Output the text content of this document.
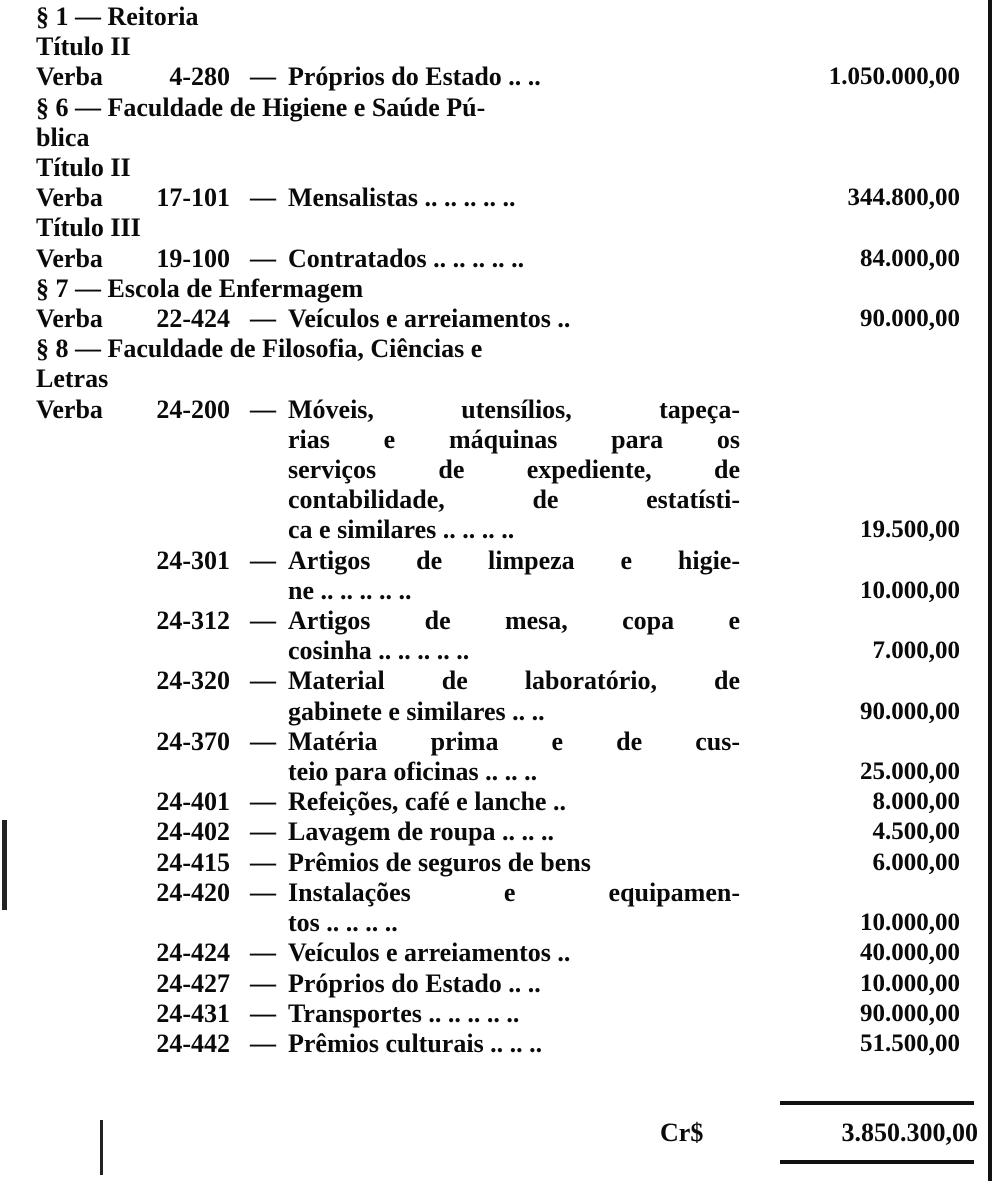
§ 1 — Reitoria
Título II
Verba	4-280 — Próprios do Estado .. ..	1.050.000,00
§ 6 — Faculdade de Higiene e Saúde Pú-
blica
Título II
Verba	17-101 — Mensalistas .. .. .. .. ..	344.800,00
Título III
Verba	19-100 — Contratados .. .. .. .. ..	84.000,00
§ 7 — Escola de Enfermagem
Verba	22-424 — Veículos e arreiamentos ..	90.000,00
§ 8 — Faculdade de Filosofia, Ciências e
Letras
Verba	24-200 — Móveis, utensílios, tapeça-
rias e máquinas para os
serviços de expediente, de
contabilidade, de estatísti-
ca e similares .. .. .. ..	19.500,00
24-301 — Artigos de limpeza e higie-
ne .. .. .. .. ..	10.000,00
24-312 — Artigos de mesa, copa e
cosinha .. .. .. .. ..	7.000,00
24-320 — Material de laboratório, de
gabinete e similares .. ..	90.000,00
24-370 — Matéria prima e de cus-
teio para oficinas .. .. ..	25.000,00
24-401 — Refeições, café e lanche ..	8.000,00
24-402 — Lavagem de roupa .. .. ..	4.500,00
24-415 — Prêmios de seguros de bens	6.000,00
24-420 — Instalações e equipamen-
tos .. .. .. ..	10.000,00
24-424 — Veículos e arreiamentos ..	40.000,00
24-427 — Próprios do Estado .. ..	10.000,00
24-431 — Transportes .. .. .. .. ..	90.000,00
24-442 — Prêmios culturais .. .. ..	51.500,00
Cr$	3.850.300,00
